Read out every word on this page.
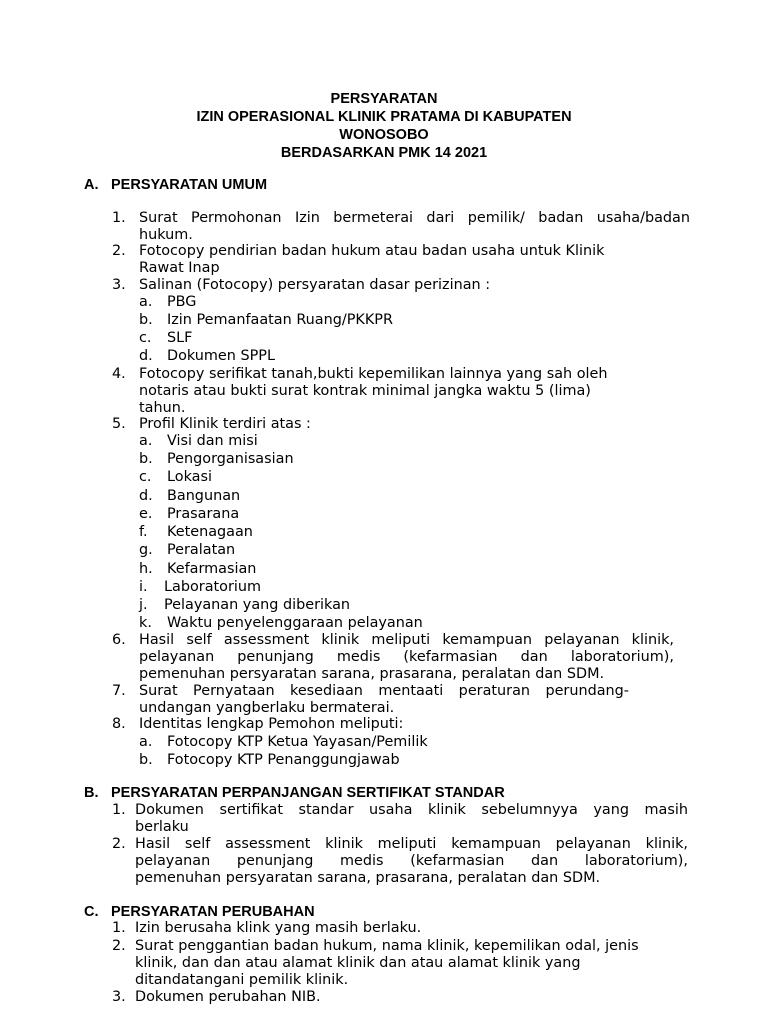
PERSYARATAN
IZIN OPERASIONAL KLINIK PRATAMA DI KABUPATEN
WONOSOBO
BERDASARKAN PMK 14 2021
A. PERSYARATAN UMUM
1. Surat Permohonan Izin bermeterai dari pemilik/ badan usaha/badan
hukum.
2. Fotocopy pendirian badan hukum atau badan usaha untuk Klinik
Rawat Inap
3. Salinan (Fotocopy) persyaratan dasar perizinan :
a. PBG
b. Izin Pemanfaatan Ruang/PKKPR
c. SLF
d. Dokumen SPPL
4. Fotocopy serifikat tanah,bukti kepemilikan lainnya yang sah oleh
notaris atau bukti surat kontrak minimal jangka waktu 5 (lima)
tahun.
5. Profil Klinik terdiri atas :
a. Visi dan misi
b. Pengorganisasian
c. Lokasi
d. Bangunan
e. Prasarana
f. Ketenagaan
g. Peralatan
h. Kefarmasian
i. Laboratorium
j. Pelayanan yang diberikan
k. Waktu penyelenggaraan pelayanan
6. Hasil self assessment klinik meliputi kemampuan pelayanan klinik,
pelayanan penunjang medis (kefarmasian dan laboratorium),
pemenuhan persyaratan sarana, prasarana, peralatan dan SDM.
7. Surat Pernyataan kesediaan mentaati peraturan perundang-
undangan yangberlaku bermaterai.
8. Identitas lengkap Pemohon meliputi:
a. Fotocopy KTP Ketua Yayasan/Pemilik
b. Fotocopy KTP Penanggungjawab
B. PERSYARATAN PERPANJANGAN SERTIFIKAT STANDAR
1. Dokumen sertifikat standar usaha klinik sebelumnyya yang masih
berlaku
2. Hasil self assessment klinik meliputi kemampuan pelayanan klinik,
pelayanan penunjang medis (kefarmasian dan laboratorium),
pemenuhan persyaratan sarana, prasarana, peralatan dan SDM.
C. PERSYARATAN PERUBAHAN
1. Izin berusaha klink yang masih berlaku.
2. Surat penggantian badan hukum, nama klinik, kepemilikan odal, jenis
klinik, dan dan atau alamat klinik dan atau alamat klinik yang
ditandatangani pemilik klinik.
3. Dokumen perubahan NIB.
